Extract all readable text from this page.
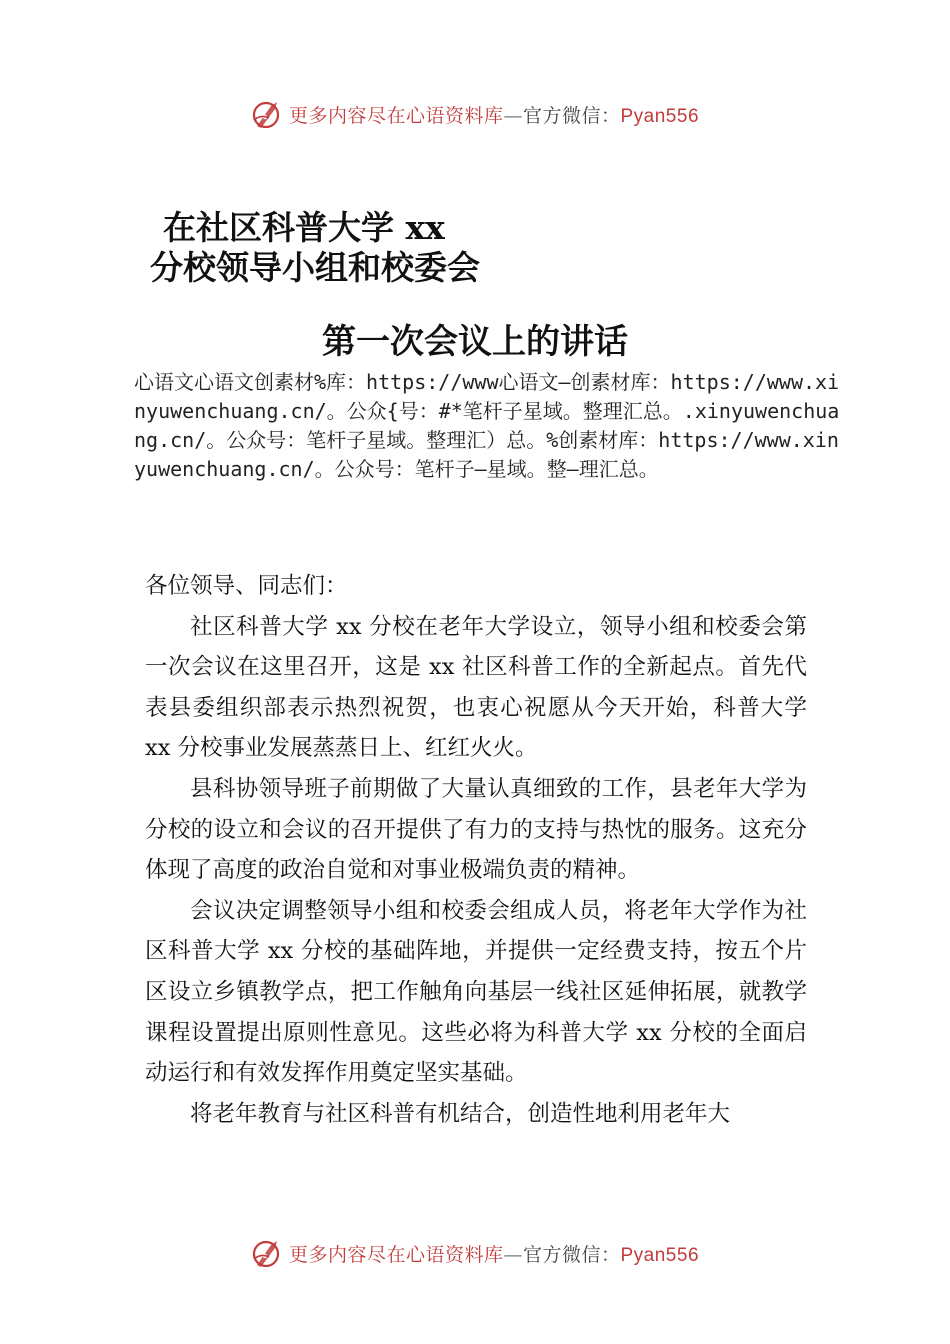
更多内容尽在心语资料库—官方微信：Pyan556
在社区科普大学 xx
分校领导小组和校委会
第一次会议上的讲话
心语文心语文创素材%库：https://www心语文—创素材库：https://www.xinyuwenchuang.cn/。公众{号：#*笔杆子星域。整理汇总。.xinyuwenchuang.cn/。公众号：笔杆子星域。整理汇）总。%创素材库：https://www.xinyuwenchuang.cn/。公众号：笔杆子—星域。整—理汇总。

各位领导、同志们：

社区科普大学 xx 分校在老年大学设立，领导小组和校委会第一次会议在这里召开，这是 xx 社区科普工作的全新起点。首先代表县委组织部表示热烈祝贺，也衷心祝愿从今天开始，科普大学 xx 分校事业发展蒸蒸日上、红红火火。

县科协领导班子前期做了大量认真细致的工作，县老年大学为分校的设立和会议的召开提供了有力的支持与热忱的服务。这充分体现了高度的政治自觉和对事业极端负责的精神。

会议决定调整领导小组和校委会组成人员，将老年大学作为社区科普大学 xx 分校的基础阵地，并提供一定经费支持，按五个片区设立乡镇教学点，把工作触角向基层一线社区延伸拓展，就教学课程设置提出原则性意见。这些必将为科普大学 xx 分校的全面启动运行和有效发挥作用奠定坚实基础。

将老年教育与社区科普有机结合，创造性地利用老年大

更多内容尽在心语资料库—官方微信：Pyan556
